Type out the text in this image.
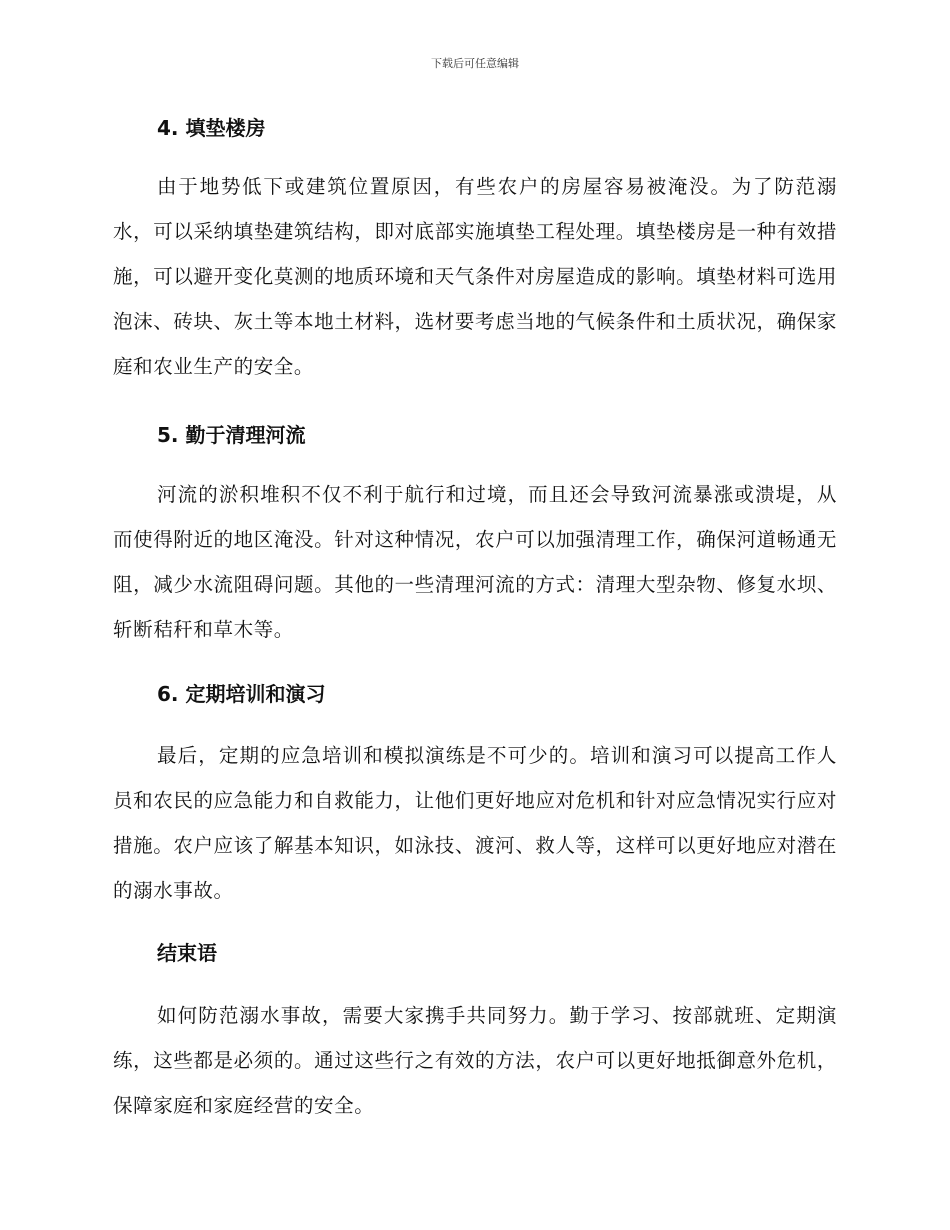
下载后可任意编辑
4. 填垫楼房

由于地势低下或建筑位置原因，有些农户的房屋容易被淹没。为了防范溺水，可以采纳填垫建筑结构，即对底部实施填垫工程处理。填垫楼房是一种有效措施，可以避开变化莫测的地质环境和天气条件对房屋造成的影响。填垫材料可选用泡沫、砖块、灰土等本地土材料，选材要考虑当地的气候条件和土质状况，确保家庭和农业生产的安全。

5. 勤于清理河流

河流的淤积堆积不仅不利于航行和过境，而且还会导致河流暴涨或溃堤，从而使得附近的地区淹没。针对这种情况，农户可以加强清理工作，确保河道畅通无阻，减少水流阻碍问题。其他的一些清理河流的方式：清理大型杂物、修复水坝、斩断秸秆和草木等。

6. 定期培训和演习

最后，定期的应急培训和模拟演练是不可少的。培训和演习可以提高工作人员和农民的应急能力和自救能力，让他们更好地应对危机和针对应急情况实行应对措施。农户应该了解基本知识，如泳技、渡河、救人等，这样可以更好地应对潜在的溺水事故。

结束语

如何防范溺水事故，需要大家携手共同努力。勤于学习、按部就班、定期演练，这些都是必须的。通过这些行之有效的方法，农户可以更好地抵御意外危机，保障家庭和家庭经营的安全。
